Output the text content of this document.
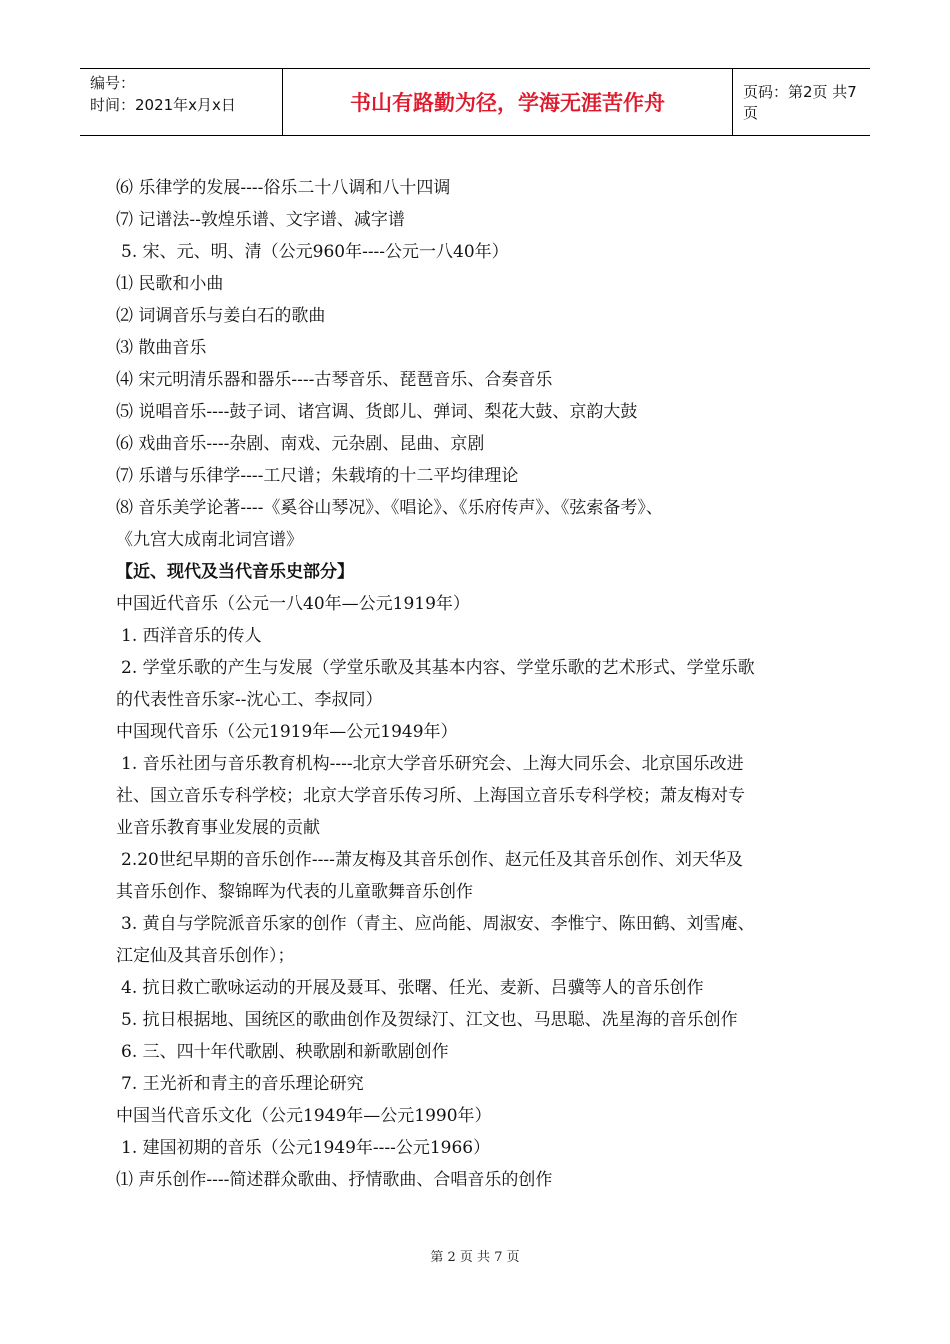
编号：
时间：2021年x月x日	书山有路勤为径，学海无涯苦作舟	页码：第2页 共7页
⑹ 乐律学的发展----俗乐二十八调和八十四调
⑺ 记谱法--敦煌乐谱、文字谱、减字谱
5. 宋、元、明、清（公元960年----公元一八40年）
⑴ 民歌和小曲
⑵ 词调音乐与姜白石的歌曲
⑶ 散曲音乐
⑷ 宋元明清乐器和器乐----古琴音乐、琵琶音乐、合奏音乐
⑸ 说唱音乐----鼓子词、诸宫调、货郎儿、弹词、梨花大鼓、京韵大鼓
⑹ 戏曲音乐----杂剧、南戏、元杂剧、昆曲、京剧
⑺ 乐谱与乐律学----工尺谱；朱载堉的十二平均律理论
⑻ 音乐美学论著----《奚谷山琴况》、《唱论》、《乐府传声》、《弦索备考》、
《九宫大成南北词宫谱》
【近、现代及当代音乐史部分】
中国近代音乐（公元一八40年—公元1919年）
1. 西洋音乐的传人
2. 学堂乐歌的产生与发展（学堂乐歌及其基本内容、学堂乐歌的艺术形式、学堂乐歌
的代表性音乐家--沈心工、李叔同）
中国现代音乐（公元1919年—公元1949年）
1. 音乐社团与音乐教育机构----北京大学音乐研究会、上海大同乐会、北京国乐改进
社、国立音乐专科学校；北京大学音乐传习所、上海国立音乐专科学校；萧友梅对专
业音乐教育事业发展的贡献
2.20世纪早期的音乐创作----萧友梅及其音乐创作、赵元任及其音乐创作、刘天华及
其音乐创作、黎锦晖为代表的儿童歌舞音乐创作
3. 黄自与学院派音乐家的创作（青主、应尚能、周淑安、李惟宁、陈田鹤、刘雪庵、
江定仙及其音乐创作）；
4. 抗日救亡歌咏运动的开展及聂耳、张曙、任光、麦新、吕骥等人的音乐创作
5. 抗日根据地、国统区的歌曲创作及贺绿汀、江文也、马思聪、冼星海的音乐创作
6. 三、四十年代歌剧、秧歌剧和新歌剧创作
7. 王光祈和青主的音乐理论研究
中国当代音乐文化（公元1949年—公元1990年）
1. 建国初期的音乐（公元1949年----公元1966）
⑴ 声乐创作----简述群众歌曲、抒情歌曲、合唱音乐的创作
第 2 页 共 7 页
